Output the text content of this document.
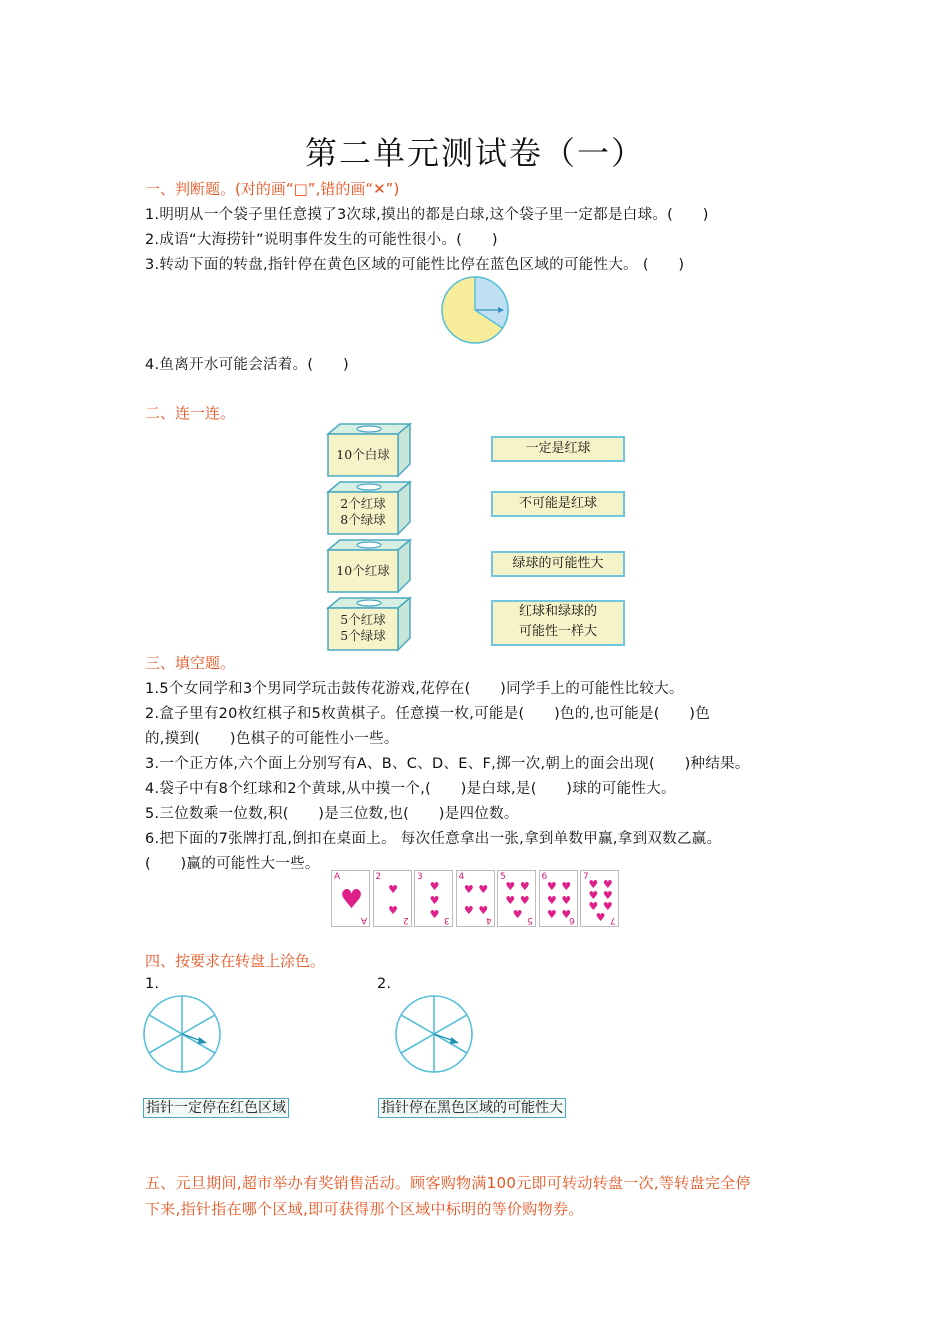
第二单元测试卷（一）
一、判断题。(对的画“□”,错的画“✕”)
1.明明从一个袋子里任意摸了3次球,摸出的都是白球,这个袋子里一定都是白球。(　　)
2.成语“大海捞针”说明事件发生的可能性很小。(　　)
3.转动下面的转盘,指针停在黄色区域的可能性比停在蓝色区域的可能性大。 (　　)
4.鱼离开水可能会活着。(　　)
二、连一连。
10个白球
2个红球
8个绿球
10个红球
5个红球
5个绿球
一定是红球
不可能是红球
绿球的可能性大
红球和绿球的
可能性一样大
三、填空题。
1.5个女同学和3个男同学玩击鼓传花游戏,花停在(　　)同学手上的可能性比较大。
2.盒子里有20枚红棋子和5枚黄棋子。任意摸一枚,可能是(　　)色的,也可能是(　　)色
的,摸到(　　)色棋子的可能性小一些。
3.一个正方体,六个面上分别写有A、B、C、D、E、F,掷一次,朝上的面会出现(　　)种结果。
4.袋子中有8个红球和2个黄球,从中摸一个,(　　)是白球,是(　　)球的可能性大。
5.三位数乘一位数,积(　　)是三位数,也(　　)是四位数。
6.把下面的7张牌打乱,倒扣在桌面上。 每次任意拿出一张,拿到单数甲赢,拿到双数乙赢。
(　　)赢的可能性大一些。
A
♥
A
2
♥
♥
2
3
♥
♥
♥ 3
4
♥ ♥
♥ ♥
4
5
♥ ♥
♥ ♥
♥ 5
6
♥ ♥
♥ ♥
♥ ♥
6
7
♥ ♥
♥ ♥
♥ ♥
♥ 7
四、按要求在转盘上涂色。
1.	2.
指针一定停在红色区域	指针停在黑色区域的可能性大
五、元旦期间,超市举办有奖销售活动。顾客购物满100元即可转动转盘一次,等转盘完全停
下来,指针指在哪个区域,即可获得那个区域中标明的等价购物券。
